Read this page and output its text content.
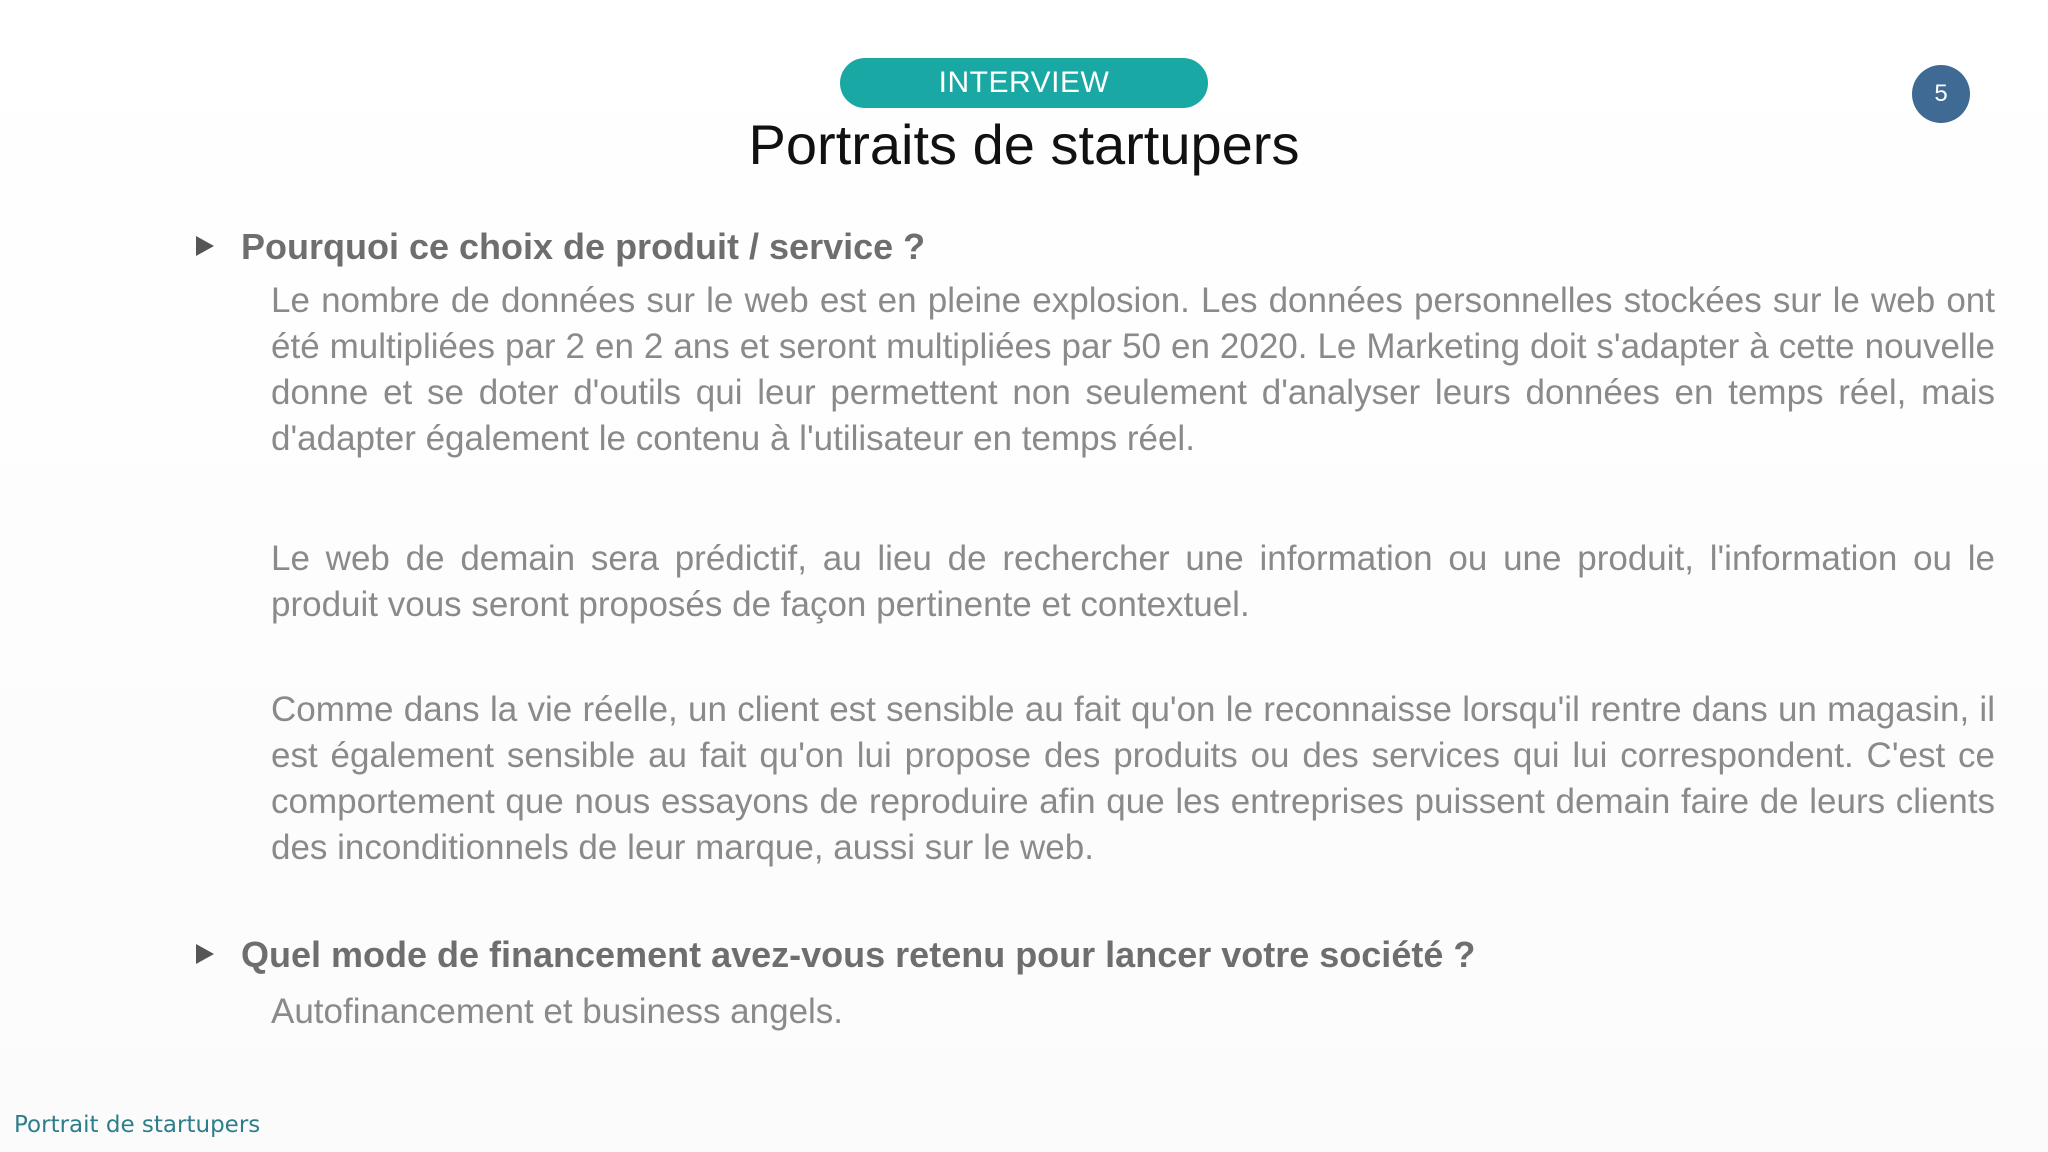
INTERVIEW
Portraits de startupers
5
Pourquoi ce choix de produit / service ?
Le nombre de données sur le web est en pleine explosion. Les données personnelles stockées sur le web ont été multipliées par 2 en 2 ans et seront multipliées par 50 en 2020. Le Marketing doit s'adapter à cette nouvelle donne et se doter d'outils qui leur permettent non seulement d'analyser leurs données en temps réel, mais d'adapter également le contenu à l'utilisateur en temps réel.
Le web de demain sera prédictif, au lieu de rechercher une information ou une produit, l'information ou le produit vous seront proposés de façon pertinente et contextuel.
Comme dans la vie réelle, un client est sensible au fait qu'on le reconnaisse lorsqu'il rentre dans un magasin, il est également sensible au fait qu'on lui propose des produits ou des services qui lui correspondent. C'est ce comportement que nous essayons de reproduire afin que les entreprises puissent demain faire de leurs clients des inconditionnels de leur marque, aussi sur le web.
Quel mode de financement avez-vous retenu pour lancer votre société ?
Autofinancement et business angels.
Portrait de startupers
